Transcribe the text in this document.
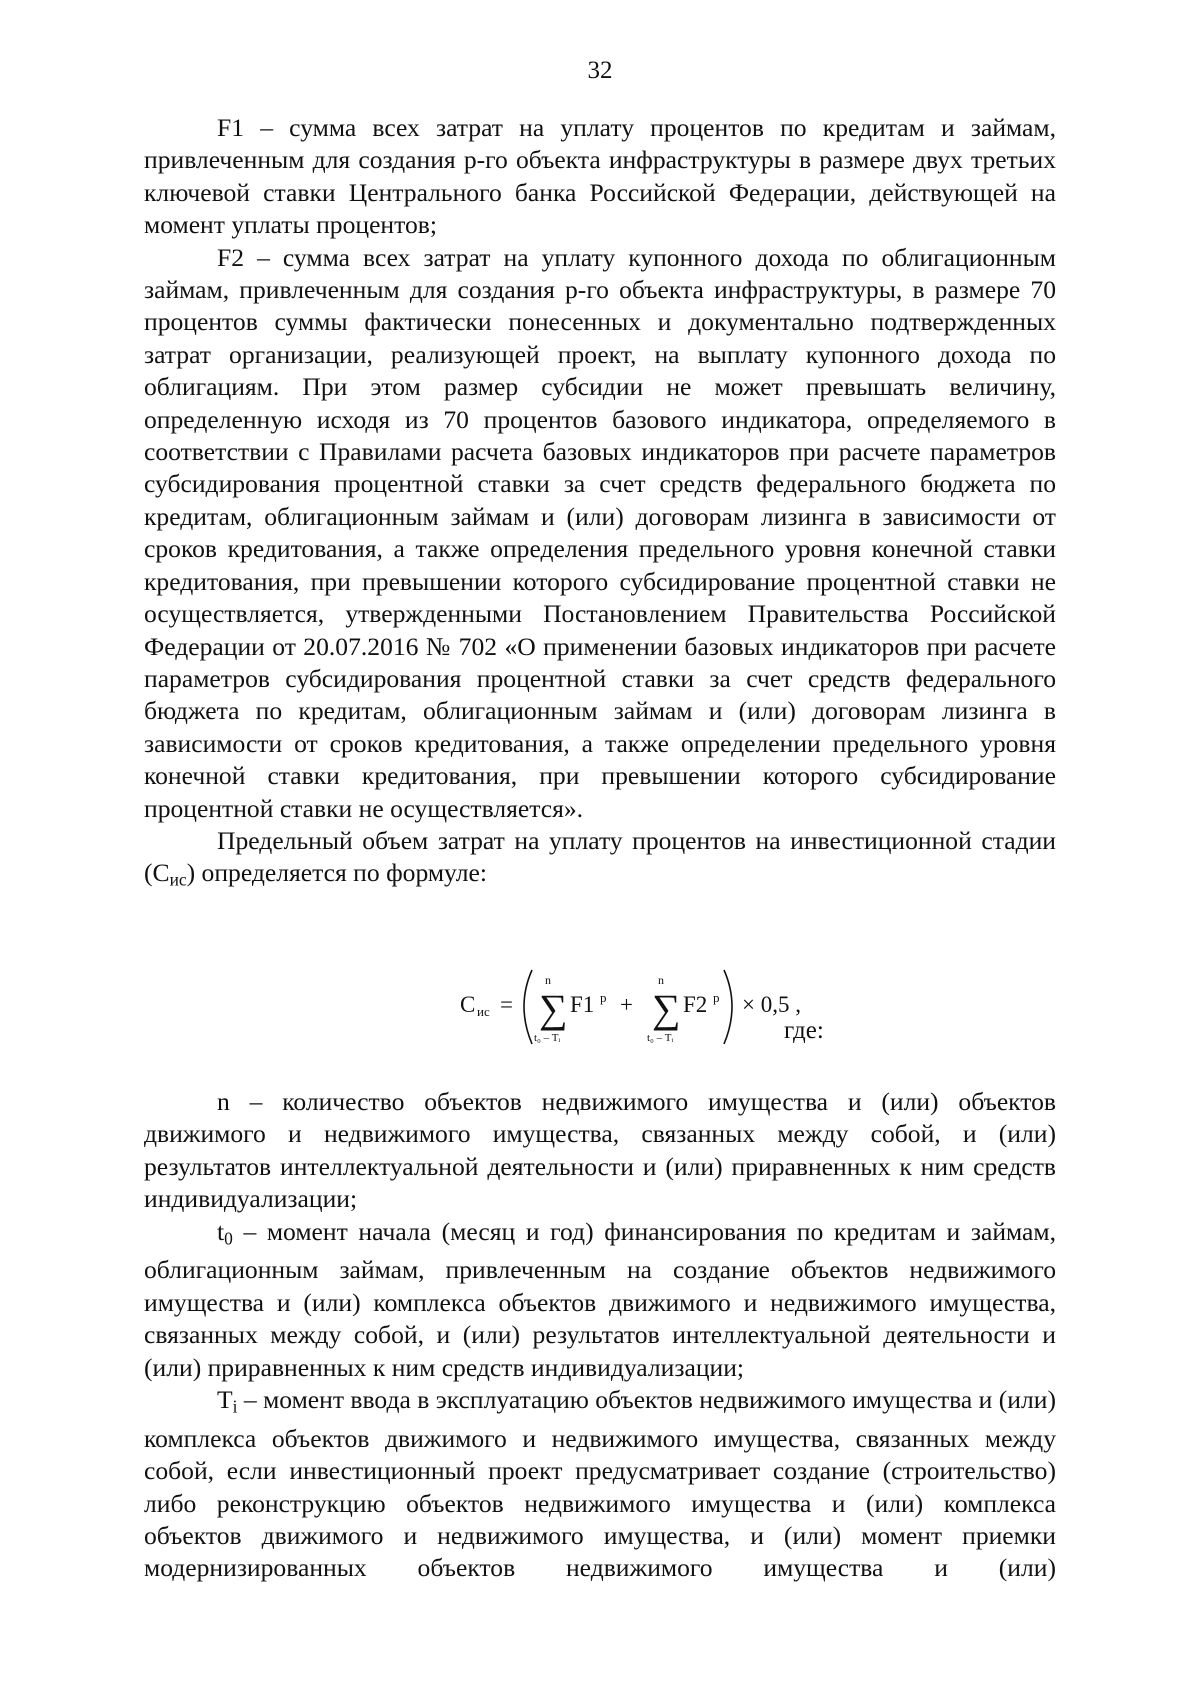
32

F1 – сумма всех затрат на уплату процентов по кредитам и займам, привлеченным для создания p-го объекта инфраструктуры в размере двух третьих ключевой ставки Центрального банка Российской Федерации, действующей на момент уплаты процентов;

F2 – сумма всех затрат на уплату купонного дохода по облигационным займам, привлеченным для создания p-го объекта инфраструктуры, в размере 70 процентов суммы фактически понесенных и документально подтвержденных затрат организации, реализующей проект, на выплату купонного дохода по облигациям. При этом размер субсидии не может превышать величину, определенную исходя из 70 процентов базового индикатора, определяемого в соответствии с Правилами расчета базовых индикаторов при расчете параметров субсидирования процентной ставки за счет средств федерального бюджета по кредитам, облигационным займам и (или) договорам лизинга в зависимости от сроков кредитования, а также определения предельного уровня конечной ставки кредитования, при превышении которого субсидирование процентной ставки не осуществляется, утвержденными Постановлением Правительства Российской Федерации от 20.07.2016 № 702 «О применении базовых индикаторов при расчете параметров субсидирования процентной ставки за счет средств федерального бюджета по кредитам, облигационным займам и (или) договорам лизинга в зависимости от сроков кредитования, а также определении предельного уровня конечной ставки кредитования, при превышении которого субсидирование процентной ставки не осуществляется».

Предельный объем затрат на уплату процентов на инвестиционной стадии $(C_{ис})$ определяется по формуле:

C ис =
n
∑
t₀ – Tᵢ
F1 p +
n
∑
t₀ – Tᵢ
F2 p × 0,5 ,
где:

n – количество объектов недвижимого имущества и (или) объектов движимого и недвижимого имущества, связанных между собой, и (или) результатов интеллектуальной деятельности и (или) приравненных к ним средств индивидуализации;

$t_0$ – момент начала (месяц и год) финансирования по кредитам и займам, облигационным займам, привлеченным на создание объектов недвижимого имущества и (или) комплекса объектов движимого и недвижимого имущества, связанных между собой, и (или) результатов интеллектуальной деятельности и (или) приравненных к ним средств индивидуализации;

$T_i$ – момент ввода в эксплуатацию объектов недвижимого имущества и (или) комплекса объектов движимого и недвижимого имущества, связанных между собой, если инвестиционный проект предусматривает создание (строительство) либо реконструкцию объектов недвижимого имущества и (или) комплекса объектов движимого и недвижимого имущества, и (или) момент приемки модернизированных объектов недвижимого имущества и (или)
